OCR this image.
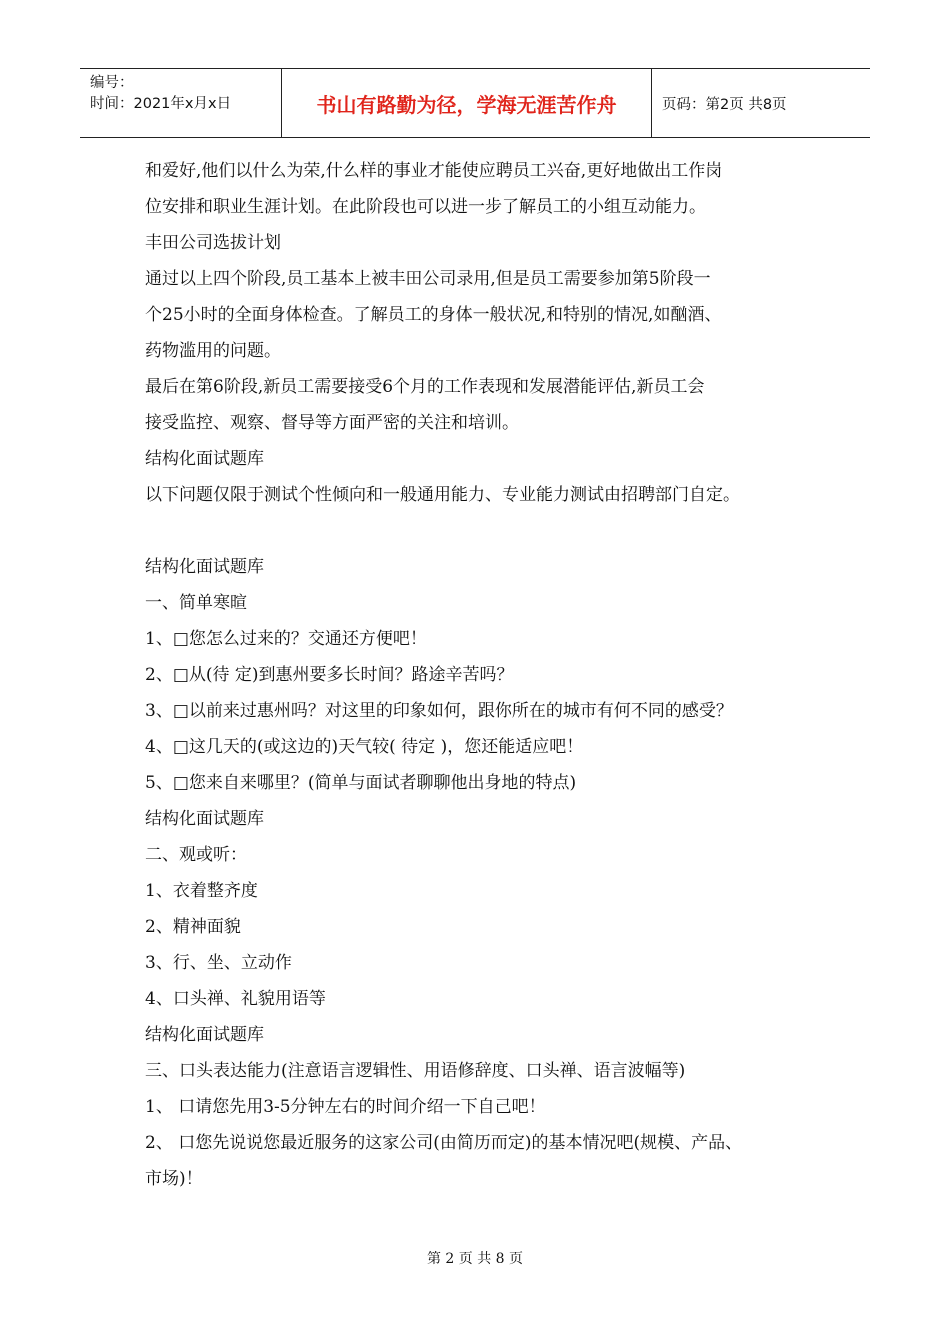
编号：
时间：2021年x月x日	书山有路勤为径，学海无涯苦作舟	页码：第2页 共8页
和爱好,他们以什么为荣,什么样的事业才能使应聘员工兴奋,更好地做出工作岗
位安排和职业生涯计划。在此阶段也可以进一步了解员工的小组互动能力。
丰田公司选拔计划
通过以上四个阶段,员工基本上被丰田公司录用,但是员工需要参加第5阶段一
个25小时的全面身体检查。了解员工的身体一般状况,和特别的情况,如酗酒、
药物滥用的问题。
最后在第6阶段,新员工需要接受6个月的工作表现和发展潜能评估,新员工会
接受监控、观察、督导等方面严密的关注和培训。
结构化面试题库
以下问题仅限于测试个性倾向和一般通用能力、专业能力测试由招聘部门自定。
结构化面试题库
一、简单寒暄
1、□您怎么过来的？交通还方便吧！
2、□从(待 定)到惠州要多长时间？路途辛苦吗？
3、□以前来过惠州吗？对这里的印象如何，跟你所在的城市有何不同的感受？
4、□这几天的(或这边的)天气较( 待定 )，您还能适应吧！
5、□您来自来哪里？(简单与面试者聊聊他出身地的特点)
结构化面试题库
二、观或听：
1、衣着整齐度
2、精神面貌
3、行、坐、立动作
4、口头禅、礼貌用语等
结构化面试题库
三、口头表达能力(注意语言逻辑性、用语修辞度、口头禅、语言波幅等)
1、 口请您先用3-5分钟左右的时间介绍一下自己吧！
2、 口您先说说您最近服务的这家公司(由简历而定)的基本情况吧(规模、产品、
市场)！
第 2 页 共 8 页
